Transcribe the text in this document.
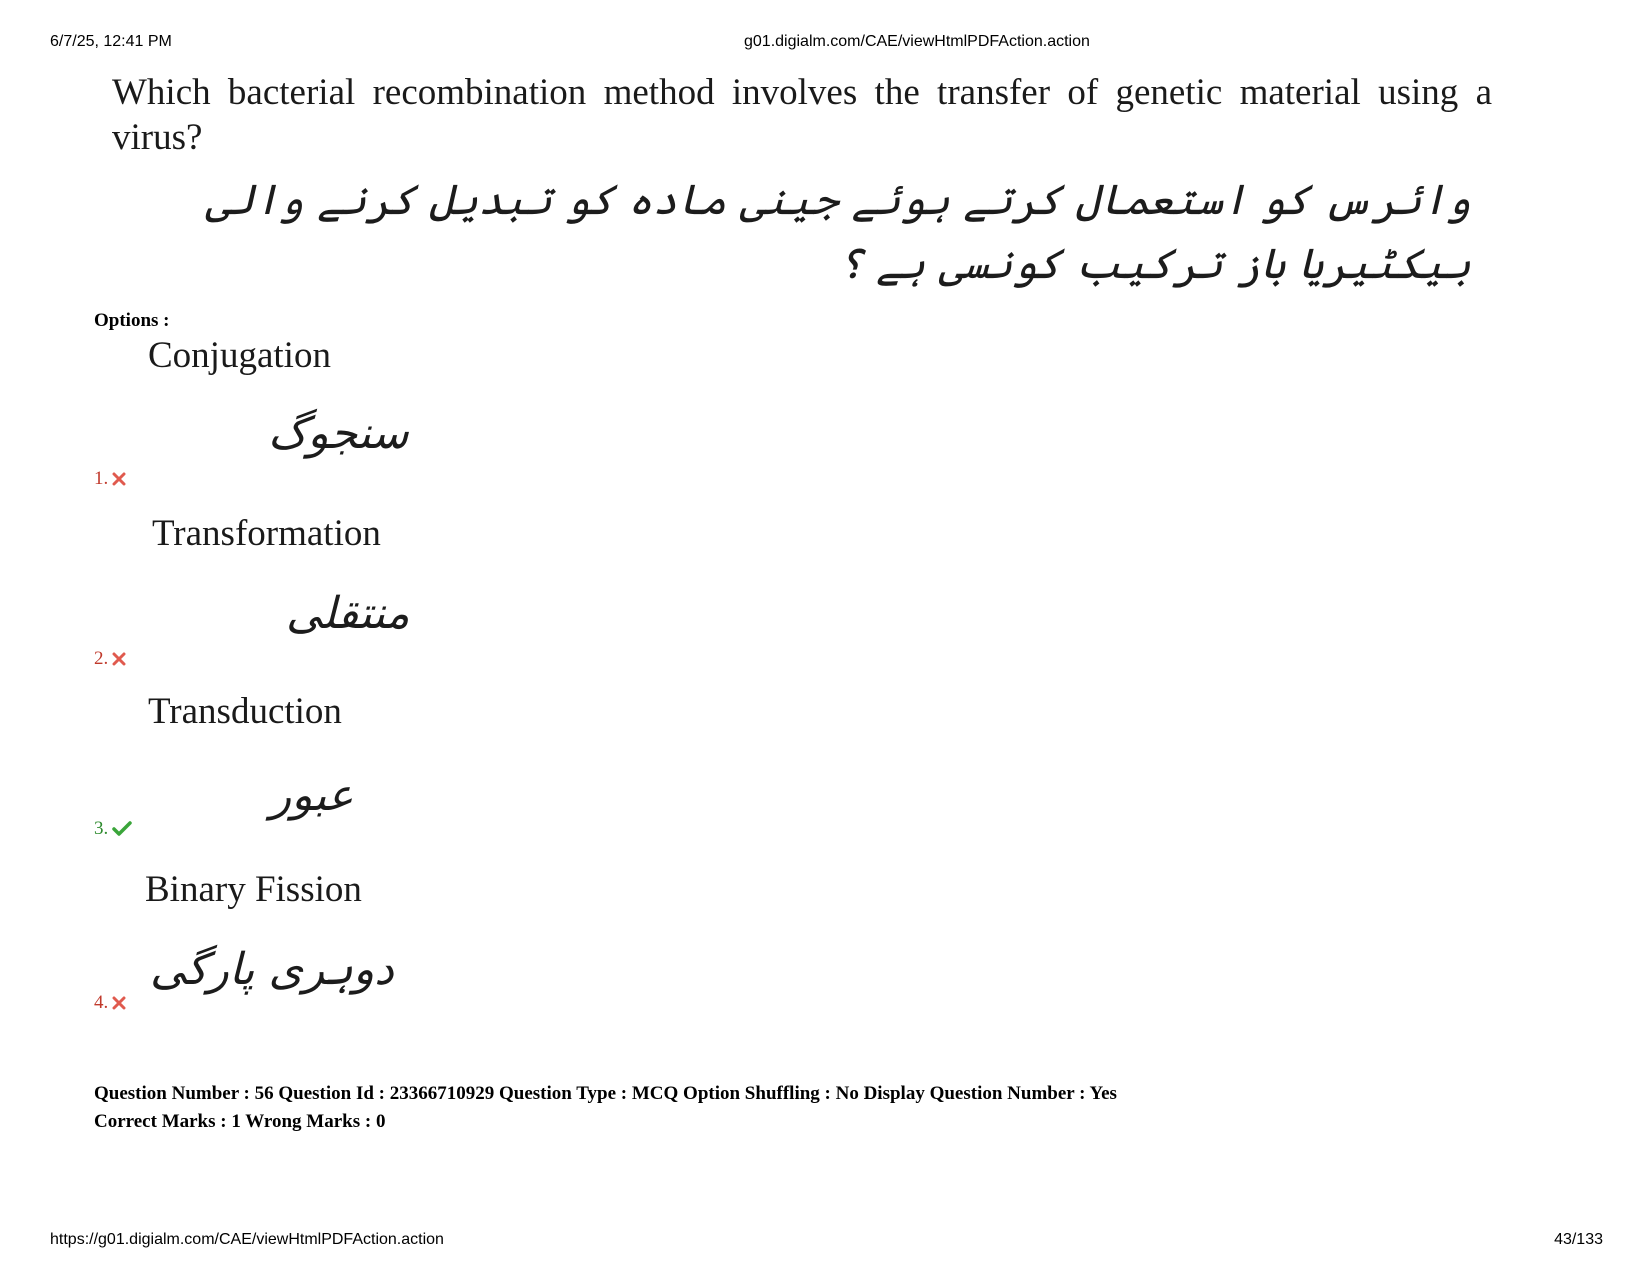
6/7/25, 12:41 PM	g01.digialm.com/CAE/viewHtmlPDFAction.action
Which bacterial recombination method involves the transfer of genetic material using a virus?
وائرس کو استعمال کرتے ہوئے جینی مادہ کو تبدیل کرنے والی بیکٹیریا باز ترکیب کونسی ہے ؟
Options :
Conjugation
سنجوگ
1.
Transformation
منتقلی
2.
Transduction
عبور
3.
Binary Fission
دوہری پارگی
4.
Question Number : 56 Question Id : 23366710929 Question Type : MCQ Option Shuffling : No Display Question Number : Yes
Correct Marks : 1 Wrong Marks : 0
https://g01.digialm.com/CAE/viewHtmlPDFAction.action	43/133
